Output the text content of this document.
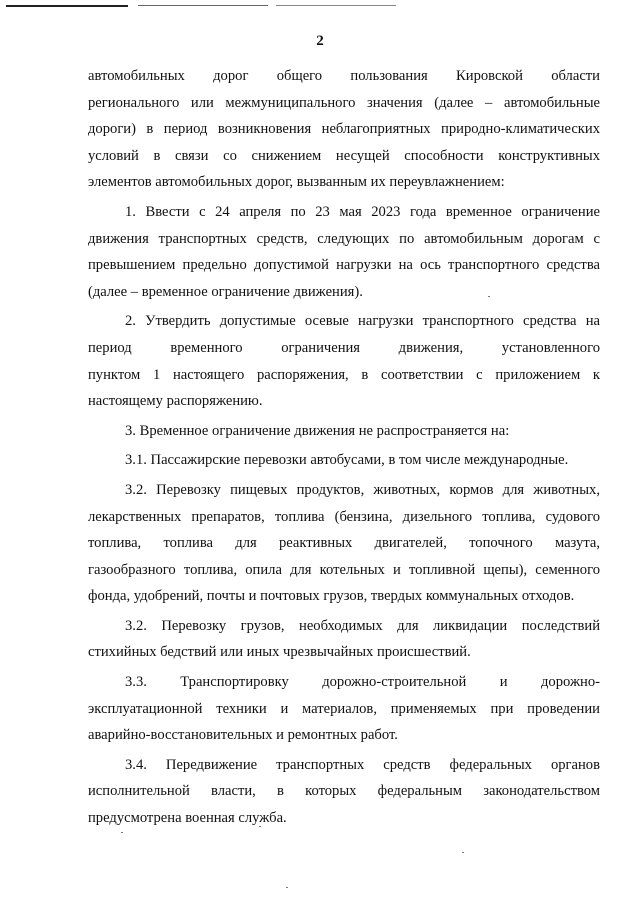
2
автомобильных дорог общего пользования Кировской области
регионального или межмуниципального значения (далее – автомобильные
дороги) в период возникновения неблагоприятных природно-климатических
условий в связи со снижением несущей способности конструктивных
элементов автомобильных дорог, вызванным их переувлажнением:
1. Ввести с 24 апреля по 23 мая 2023 года временное ограничение
движения транспортных средств, следующих по автомобильным дорогам с
превышением предельно допустимой нагрузки на ось транспортного средства
(далее – временное ограничение движения).
2. Утвердить допустимые осевые нагрузки транспортного средства на
период временного ограничения движения, установленного
пунктом 1 настоящего распоряжения, в соответствии с приложением к
настоящему распоряжению.
3. Временное ограничение движения не распространяется на:
3.1. Пассажирские перевозки автобусами, в том числе международные.
3.2. Перевозку пищевых продуктов, животных, кормов для животных,
лекарственных препаратов, топлива (бензина, дизельного топлива, судового
топлива, топлива для реактивных двигателей, топочного мазута,
газообразного топлива, опила для котельных и топливной щепы), семенного
фонда, удобрений, почты и почтовых грузов, твердых коммунальных отходов.
3.2. Перевозку грузов, необходимых для ликвидации последствий
стихийных бедствий или иных чрезвычайных происшествий.
3.3. Транспортировку дорожно-строительной и дорожно-
эксплуатационной техники и материалов, применяемых при проведении
аварийно-восстановительных и ремонтных работ.
3.4. Передвижение транспортных средств федеральных органов
исполнительной власти, в которых федеральным законодательством
предусмотрена военная служба.
